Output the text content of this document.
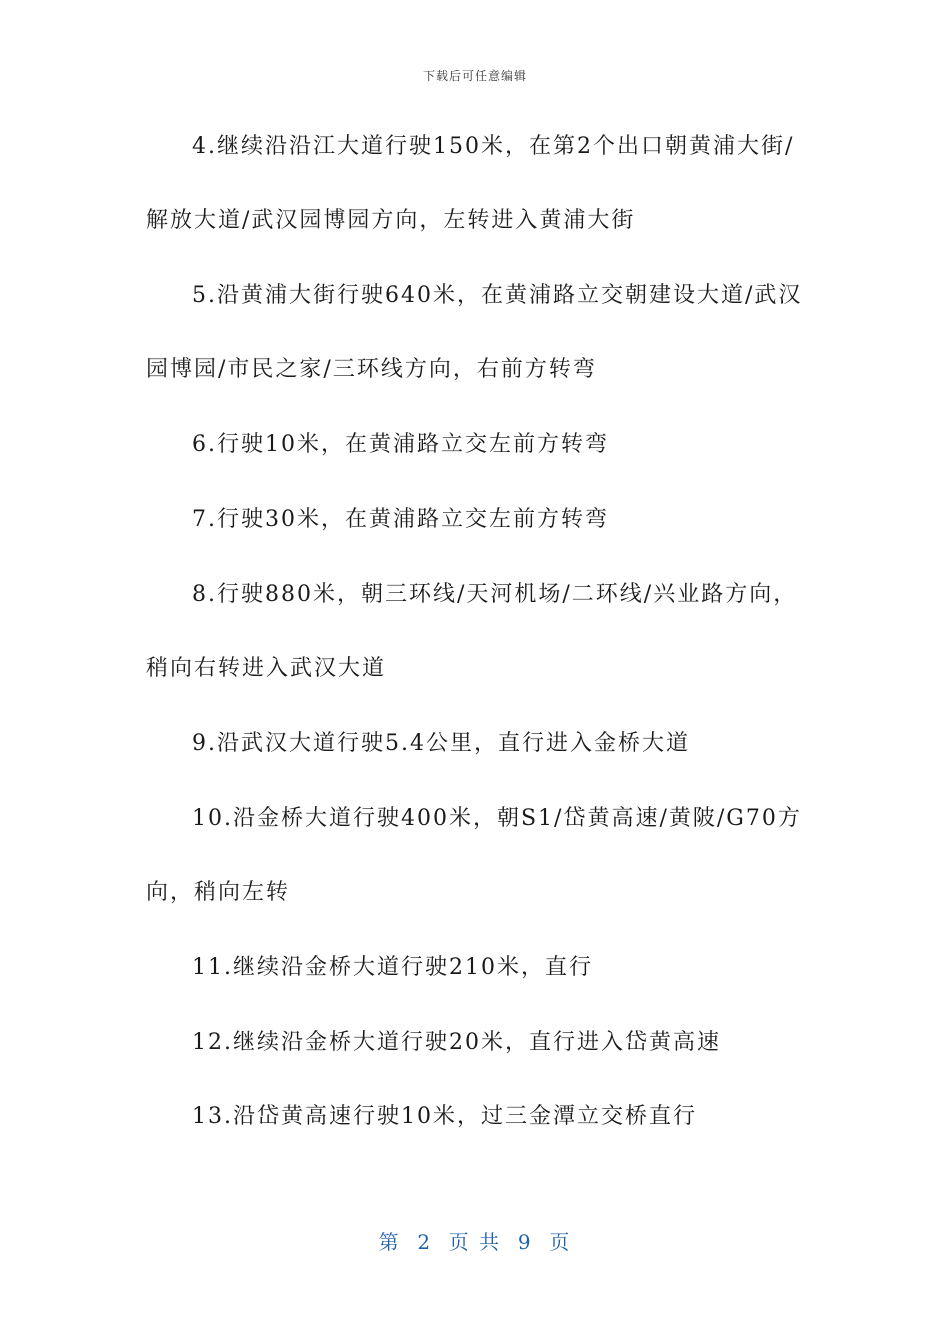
下载后可任意编辑
4.继续沿沿江大道行驶150米，在第2个出口朝黄浦大街/
解放大道/武汉园博园方向，左转进入黄浦大街
5.沿黄浦大街行驶640米，在黄浦路立交朝建设大道/武汉
园博园/市民之家/三环线方向，右前方转弯
6.行驶10米，在黄浦路立交左前方转弯
7.行驶30米，在黄浦路立交左前方转弯
8.行驶880米，朝三环线/天河机场/二环线/兴业路方向，
稍向右转进入武汉大道
9.沿武汉大道行驶5.4公里，直行进入金桥大道
10.沿金桥大道行驶400米，朝S1/岱黄高速/黄陂/G70方
向，稍向左转
11.继续沿金桥大道行驶210米，直行
12.继续沿金桥大道行驶20米，直行进入岱黄高速
13.沿岱黄高速行驶10米，过三金潭立交桥直行
第  2  页 共  9  页
